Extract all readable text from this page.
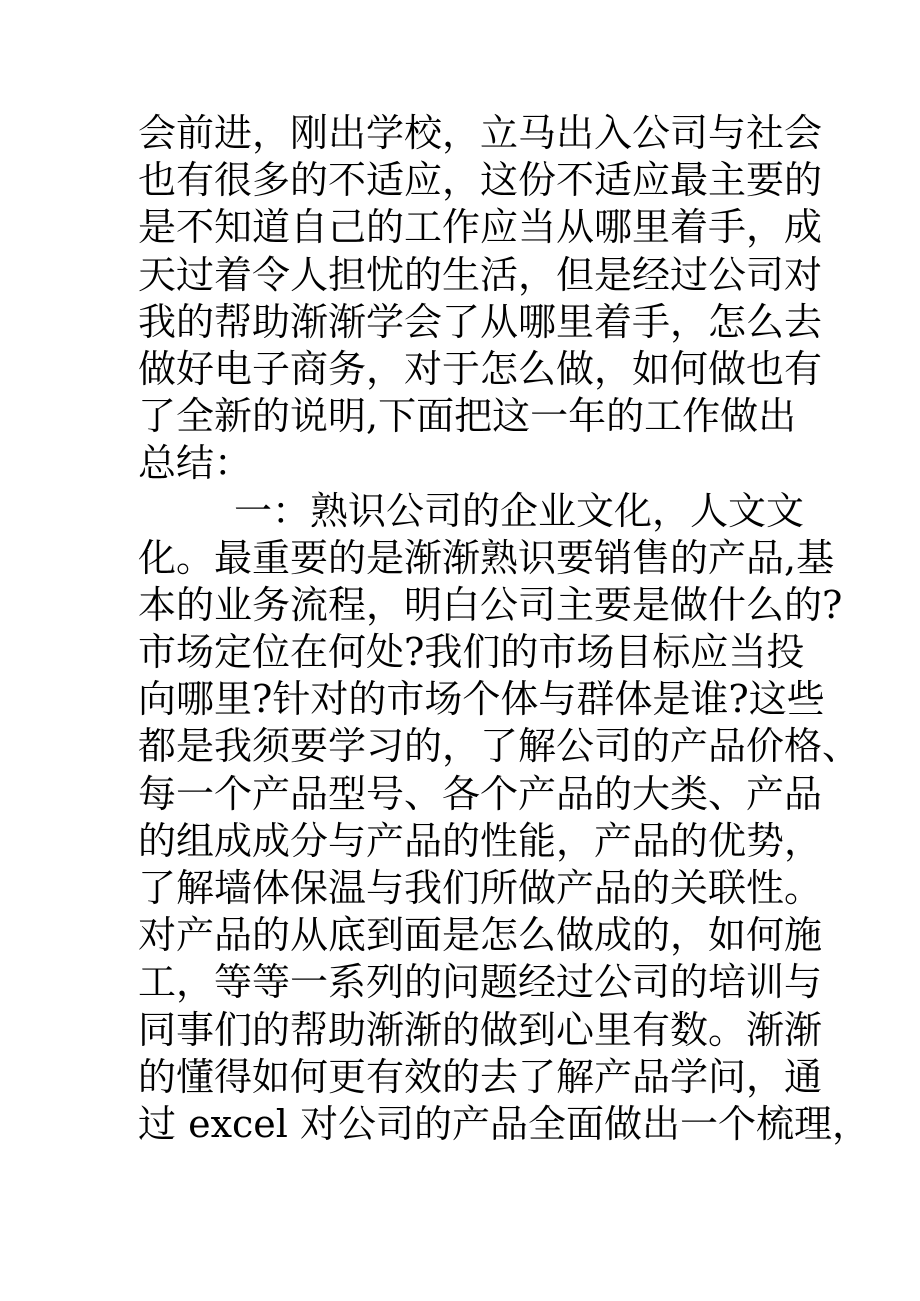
会前进，刚出学校，立马出入公司与社会
也有很多的不适应，这份不适应最主要的
是不知道自己的工作应当从哪里着手，成
天过着令人担忧的生活，但是经过公司对
我的帮助渐渐学会了从哪里着手，怎么去
做好电子商务，对于怎么做，如何做也有
了全新的说明,下面把这一年的工作做出
总结：
一：熟识公司的企业文化，人文文
化。最重要的是渐渐熟识要销售的产品,基
本的业务流程，明白公司主要是做什么的?
市场定位在何处?我们的市场目标应当投
向哪里?针对的市场个体与群体是谁?这些
都是我须要学习的，了解公司的产品价格、
每一个产品型号、各个产品的大类、产品
的组成成分与产品的性能，产品的优势，
了解墙体保温与我们所做产品的关联性。
对产品的从底到面是怎么做成的，如何施
工，等等一系列的问题经过公司的培训与
同事们的帮助渐渐的做到心里有数。渐渐
的懂得如何更有效的去了解产品学问，通
过 excel 对公司的产品全面做出一个梳理，
